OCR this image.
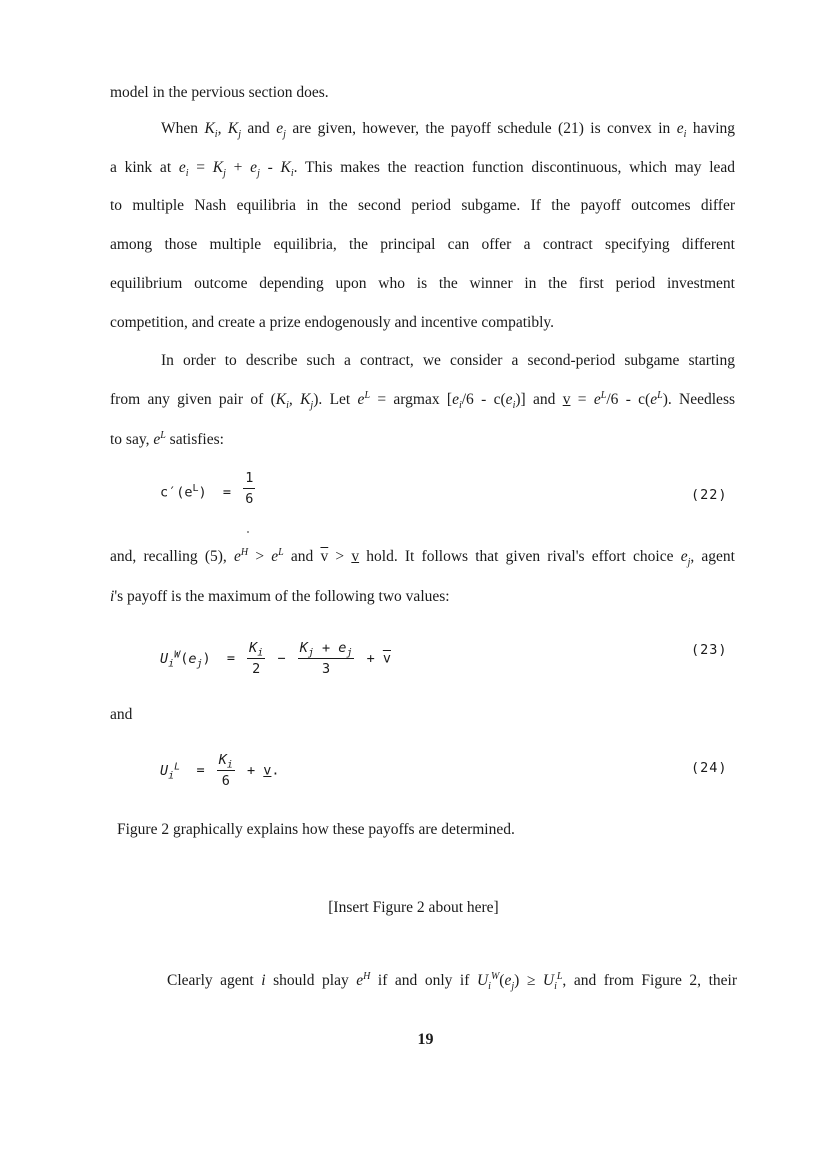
model in the pervious section does.
When $K_i$, $K_j$ and $e_j$ are given, however, the payoff schedule (21) is convex in $e_i$ having
a kink at $e_i = K_j + e_j - K_i$. This makes the reaction function discontinuous, which may lead
to multiple Nash equilibria in the second period subgame. If the payoff outcomes differ
among those multiple equilibria, the principal can offer a contract specifying different
equilibrium outcome depending upon who is the winner in the first period investment
competition, and create a prize endogenously and incentive compatibly.
In order to describe such a contract, we consider a second-period subgame starting
from any given pair of ($K_i$, $K_j$). Let $e^L = argmax$ $[e_i/6 - c(e_i)]$ and $v = e^L/6 - c(e^L)$. Needless
to say, $e^L$ satisfies:
$c'(e^L) = \frac{1}{6}$	(22)
and, recalling (5), $e^H > e^L$ and $\overline{v} > v$ hold. It follows that given rival's effort choice $e_j$, agent
i's payoff is the maximum of the following two values:
$U_i^W(e_j) = \frac{K_i}{2} - \frac{K_j + e_j}{3} + \overline{v}$
(23)
and
$U_i^L = \frac{K_i}{6} + v$.	(24)
Figure 2 graphically explains how these payoffs are determined.
[Insert Figure 2 about here]
Clearly agent i should play $e^H$ if and only if $U_i^W(e_j) \ge U_i^L$, and from Figure 2, their
19
